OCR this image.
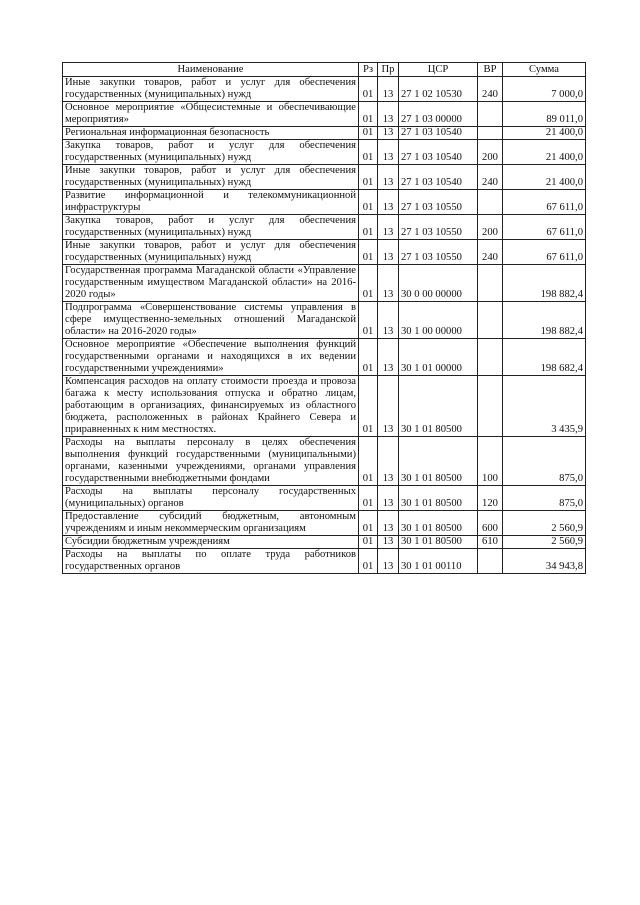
Наименование	Рз	Пр	ЦСР	ВР	Сумма
Иные закупки товаров, работ и услуг для обеспечения государственных (муниципальных) нужд	01	13	27 1 02 10530	240	7 000,0
Основное мероприятие «Общесистемные и обеспечивающие мероприятия»	01	13	27 1 03 00000		89 011,0
Региональная информационная безопасность	01	13	27 1 03 10540		21 400,0
Закупка товаров, работ и услуг для обеспечения государственных (муниципальных) нужд	01	13	27 1 03 10540	200	21 400,0
Иные закупки товаров, работ и услуг для обеспечения государственных (муниципальных) нужд	01	13	27 1 03 10540	240	21 400,0
Развитие информационной и телекоммуникационной инфраструктуры	01	13	27 1 03 10550		67 611,0
Закупка товаров, работ и услуг для обеспечения государственных (муниципальных) нужд	01	13	27 1 03 10550	200	67 611,0
Иные закупки товаров, работ и услуг для обеспечения государственных (муниципальных) нужд	01	13	27 1 03 10550	240	67 611,0
Государственная программа Магаданской области «Управление государственным имуществом Магаданской области» на 2016-2020 годы»	01	13	30 0 00 00000		198 882,4
Подпрограмма «Совершенствование системы управления в сфере имущественно-земельных отношений Магаданской области» на 2016-2020 годы»	01	13	30 1 00 00000		198 882,4
Основное мероприятие «Обеспечение выполнения функций государственными органами и находящихся в их ведении государственными учреждениями»	01	13	30 1 01 00000		198 682,4
Компенсация расходов на оплату стоимости проезда и провоза багажа к месту использования отпуска и обратно лицам, работающим в организациях, финансируемых из областного бюджета, расположенных в районах Крайнего Севера и приравненных к ним местностях.	01	13	30 1 01 80500		3 435,9
Расходы на выплаты персоналу в целях обеспечения выполнения функций государственными (муниципальными) органами, казенными учреждениями, органами управления государственными внебюджетными фондами	01	13	30 1 01 80500	100	875,0
Расходы на выплаты персоналу государственных (муниципальных) органов	01	13	30 1 01 80500	120	875,0
Предоставление субсидий бюджетным, автономным учреждениям и иным некоммерческим организациям	01	13	30 1 01 80500	600	2 560,9
Субсидии бюджетным учреждениям	01	13	30 1 01 80500	610	2 560,9
Расходы на выплаты по оплате труда работников государственных органов	01	13	30 1 01 00110		34 943,8
